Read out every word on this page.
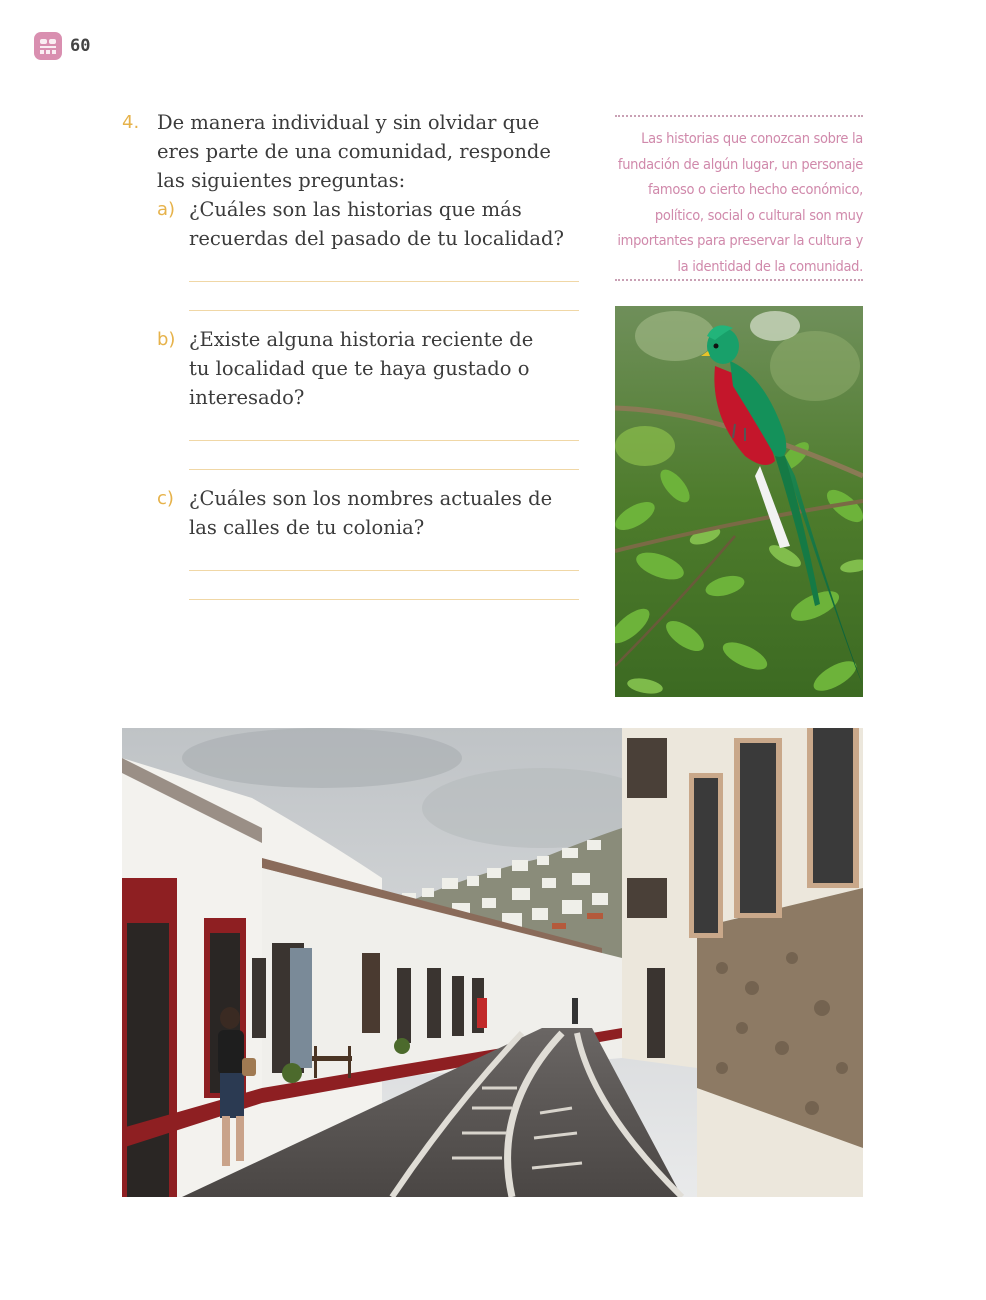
60
4. De manera individual y sin olvidar que
eres parte de una comunidad, responde
las siguientes preguntas:
a) ¿Cuáles son las historias que más
recuerdas del pasado de tu localidad?
b) ¿Existe alguna historia reciente de
tu localidad que te haya gustado o
interesado?
c) ¿Cuáles son los nombres actuales de
las calles de tu colonia?
Las historias que conozcan sobre la
fundación de algún lugar, un personaje
famoso o cierto hecho económico,
político, social o cultural son muy
importantes para preservar la cultura y
la identidad de la comunidad.
